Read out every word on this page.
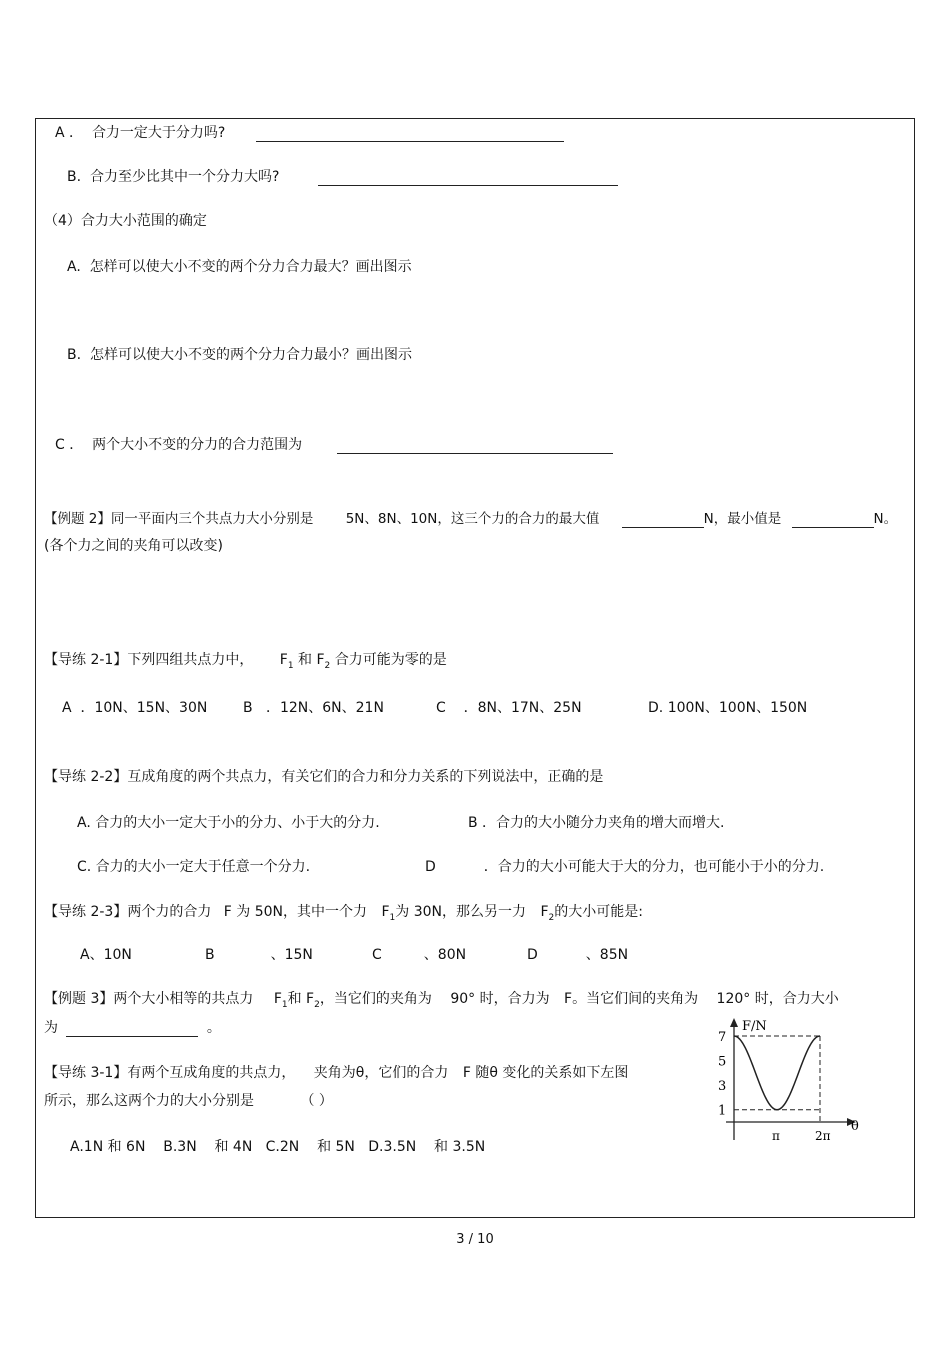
A ． 合力一定大于分力吗?
B. 合力至少比其中一个分力大吗?
（4）合力大小范围的确定
A. 怎样可以使大小不变的两个分力合力最大？画出图示
B. 怎样可以使大小不变的两个分力合力最小？画出图示
C ． 两个大小不变的分力的合力范围为
【例题 2】同一平面内三个共点力大小分别是 5N、8N、10N，这三个力的合力的最大值	N，最小值是	N。
(各个力之间的夹角可以改变)
【导练 2-1】下列四组共点力中， $F_1$ 和 $F_2$ 合力可能为零的是
A ．10N、15N、30N	B ．12N、6N、21N	C ．8N、17N、25N	D. 100N、100N、150N
【导练 2-2】互成角度的两个共点力，有关它们的合力和分力关系的下列说法中，正确的是
A. 合力的大小一定大于小的分力、小于大的分力.	B ．合力的大小随分力夹角的增大而增大.
C. 合力的大小一定大于任意一个分力.	D	．合力的大小可能大于大的分力，也可能小于小的分力.
【导练 2-3】两个力的合力 F 为 50N，其中一个力 $F_1$为 30N，那么另一力 $F_2$的大小可能是:
A、10N	B	、15N	C	、80N	D	、85N
【例题 3】两个大小相等的共点力 $F_1$和 $F_2$，当它们的夹角为 90° 时，合力为 F。当它们间的夹角为 120° 时，合力大小
为	。
【导练 3-1】有两个互成角度的共点力， 夹角为θ，它们的合力 F 随θ 变化的关系如下左图
所示，那么这两个力的大小分别是	（ ）
A.1N 和 6N    B.3N    和 4N   C.2N    和 5N   D.3.5N    和 3.5N
F/N
θ
7
5
3
1
π	2π
3 / 10
